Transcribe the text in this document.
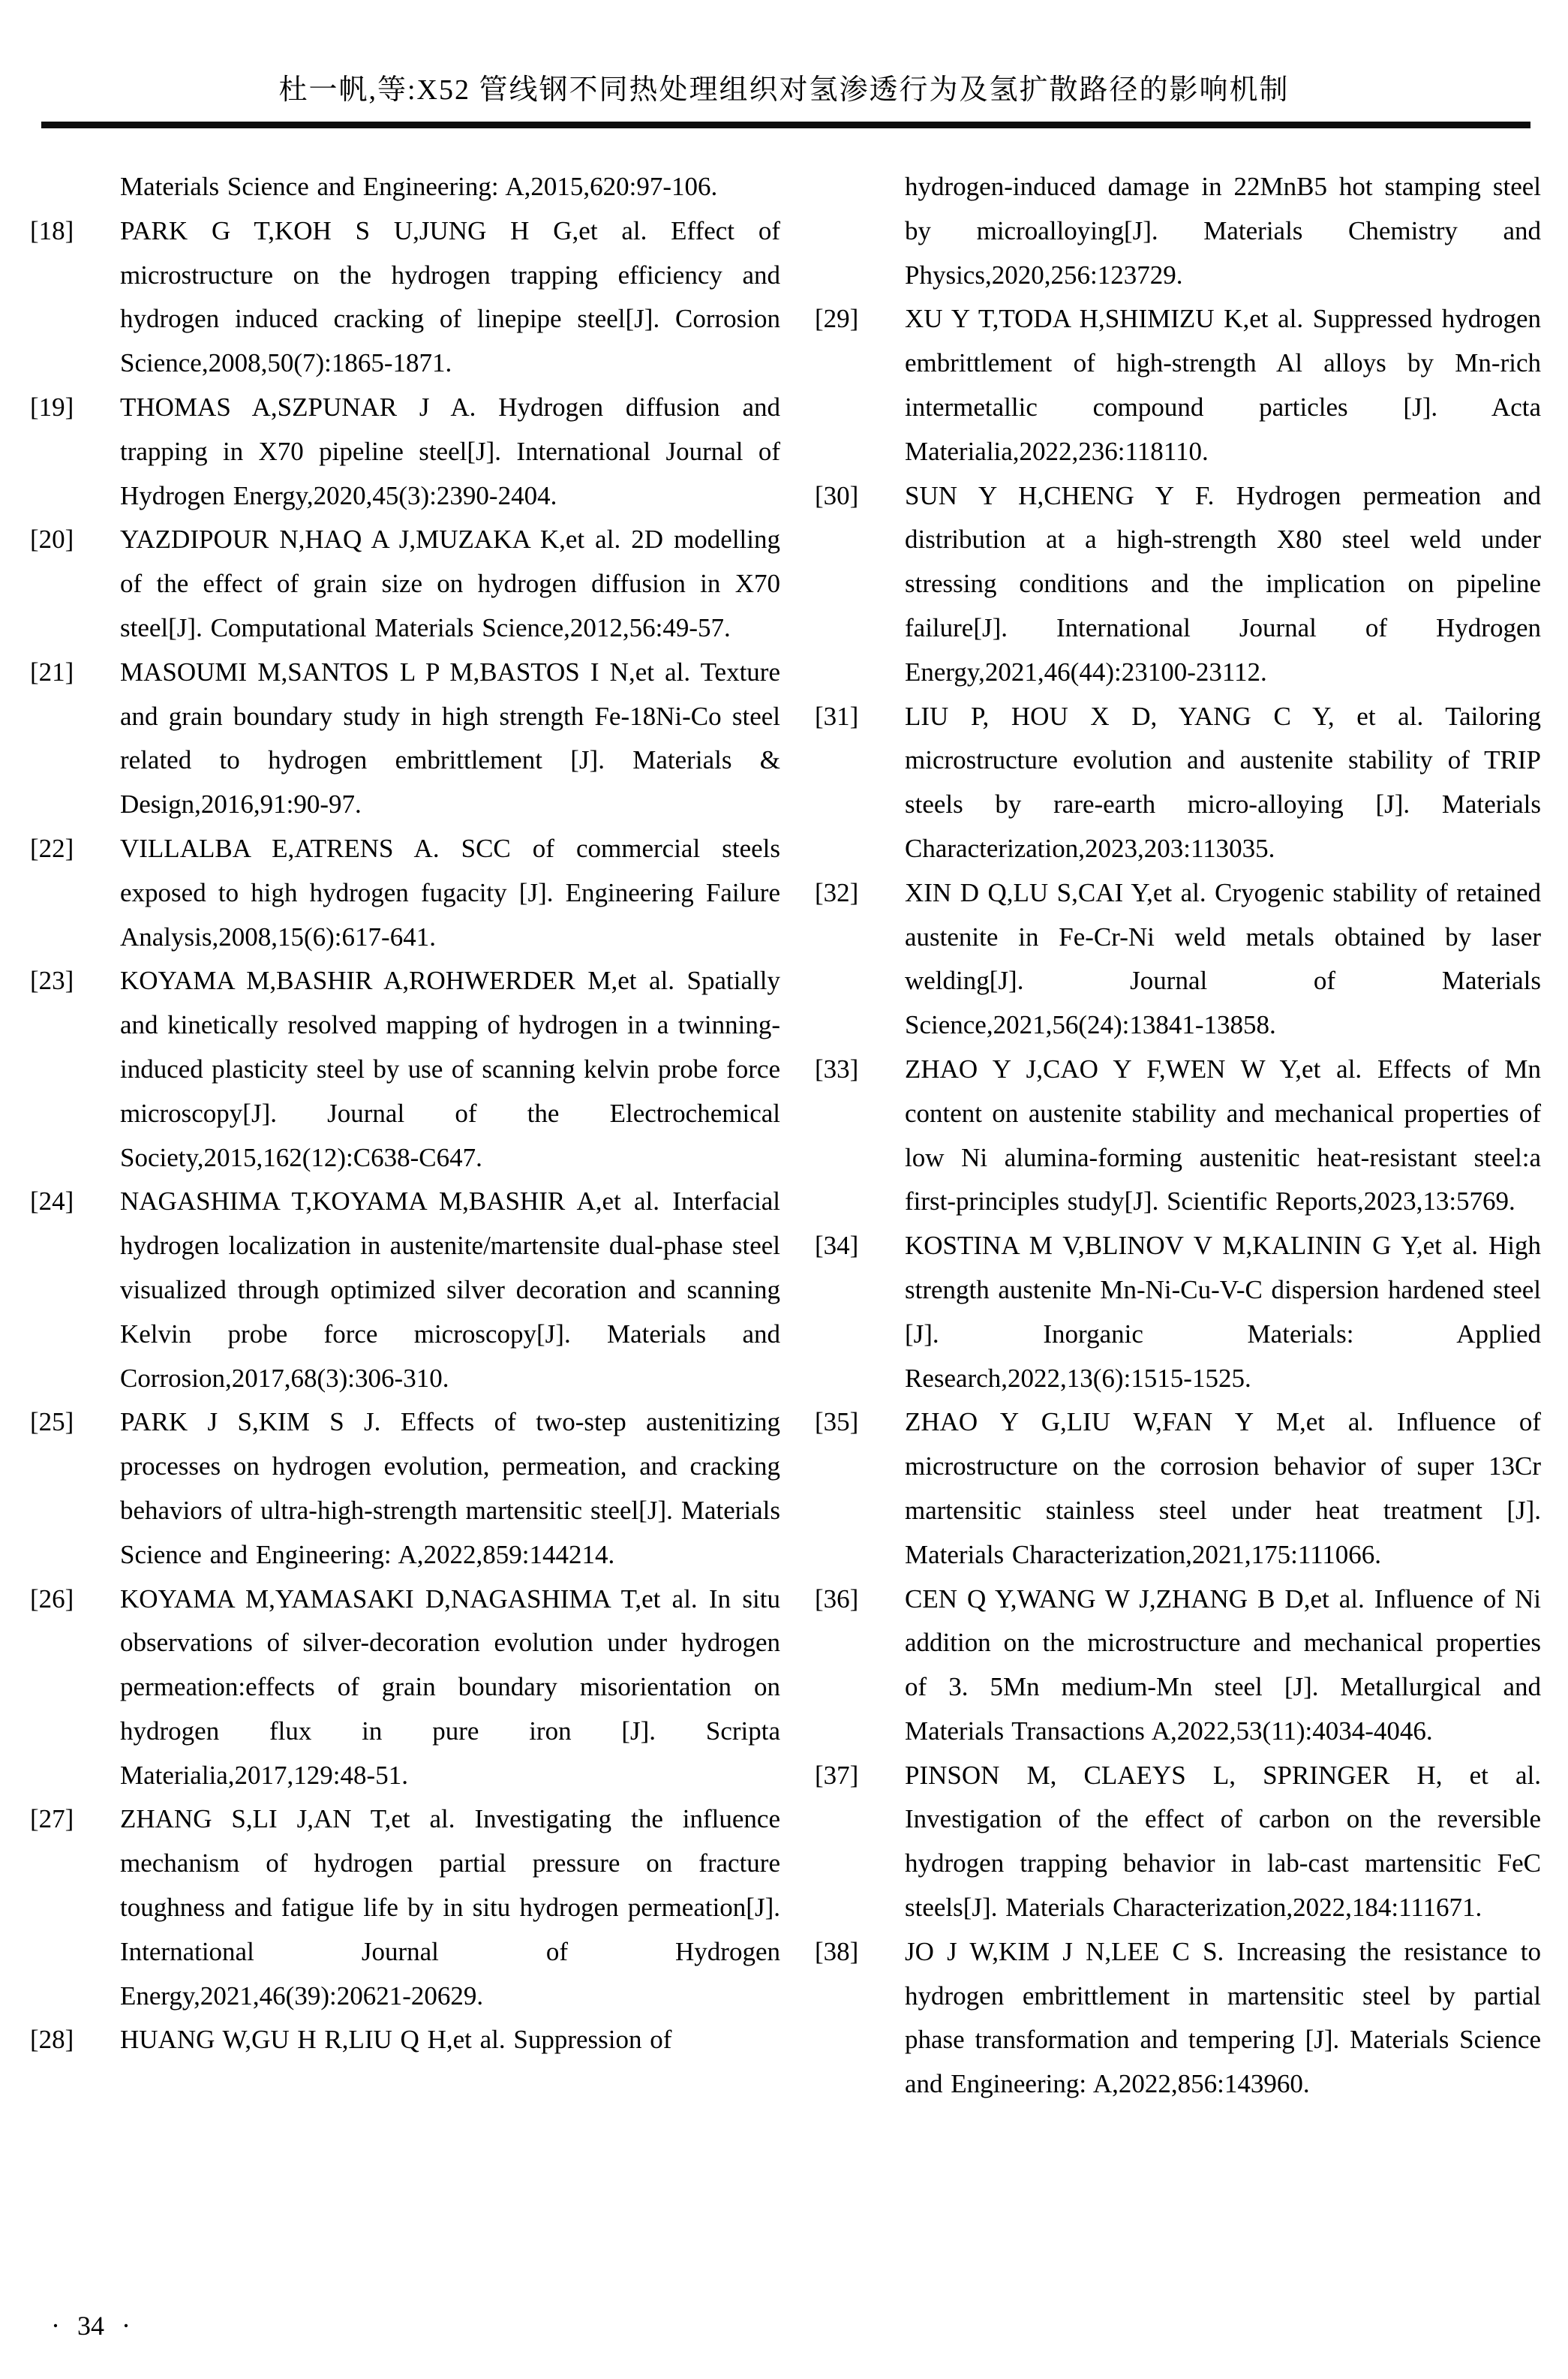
杜一帆,等:X52 管线钢不同热处理组织对氢渗透行为及氢扩散路径的影响机制
Materials Science and Engineering: A,2015,620:97-106.
[18]	PARK G T,KOH S U,JUNG H G,et al. Effect of microstructure on the hydrogen trapping efficiency and hydrogen induced cracking of linepipe steel[J]. Corrosion Science,2008,50(7):1865-1871.
[19]	THOMAS A,SZPUNAR J A. Hydrogen diffusion and trapping in X70 pipeline steel[J]. International Journal of Hydrogen Energy,2020,45(3):2390-2404.
[20]	YAZDIPOUR N,HAQ A J,MUZAKA K,et al. 2D modelling of the effect of grain size on hydrogen diffusion in X70 steel[J]. Computational Materials Science,2012,56:49-57.
[21]	MASOUMI M,SANTOS L P M,BASTOS I N,et al. Texture and grain boundary study in high strength Fe-18Ni-Co steel related to hydrogen embrittlement [J]. Materials & Design,2016,91:90-97.
[22]	VILLALBA E,ATRENS A. SCC of commercial steels exposed to high hydrogen fugacity [J]. Engineering Failure Analysis,2008,15(6):617-641.
[23]	KOYAMA M,BASHIR A,ROHWERDER M,et al. Spatially and kinetically resolved mapping of hydrogen in a twinning-induced plasticity steel by use of scanning kelvin probe force microscopy[J]. Journal of the Electrochemical Society,2015,162(12):C638-C647.
[24]	NAGASHIMA T,KOYAMA M,BASHIR A,et al. Interfacial hydrogen localization in austenite/martensite dual-phase steel visualized through optimized silver decoration and scanning Kelvin probe force microscopy[J]. Materials and Corrosion,2017,68(3):306-310.
[25]	PARK J S,KIM S J. Effects of two-step austenitizing processes on hydrogen evolution, permeation, and cracking behaviors of ultra-high-strength martensitic steel[J]. Materials Science and Engineering: A,2022,859:144214.
[26]	KOYAMA M,YAMASAKI D,NAGASHIMA T,et al. In situ observations of silver-decoration evolution under hydrogen permeation:effects of grain boundary misorientation on hydrogen flux in pure iron [J]. Scripta Materialia,2017,129:48-51.
[27]	ZHANG S,LI J,AN T,et al. Investigating the influence mechanism of hydrogen partial pressure on fracture toughness and fatigue life by in situ hydrogen permeation[J]. International Journal of Hydrogen Energy,2021,46(39):20621-20629.
[28]	HUANG W,GU H R,LIU Q H,et al. Suppression of
hydrogen-induced damage in 22MnB5 hot stamping steel by microalloying[J]. Materials Chemistry and Physics,2020,256:123729.
[29]	XU Y T,TODA H,SHIMIZU K,et al. Suppressed hydrogen embrittlement of high-strength Al alloys by Mn-rich intermetallic compound particles [J]. Acta Materialia,2022,236:118110.
[30]	SUN Y H,CHENG Y F. Hydrogen permeation and distribution at a high-strength X80 steel weld under stressing conditions and the implication on pipeline failure[J]. International Journal of Hydrogen Energy,2021,46(44):23100-23112.
[31]	LIU P, HOU X D, YANG C Y, et al. Tailoring microstructure evolution and austenite stability of TRIP steels by rare-earth micro-alloying [J]. Materials Characterization,2023,203:113035.
[32]	XIN D Q,LU S,CAI Y,et al. Cryogenic stability of retained austenite in Fe-Cr-Ni weld metals obtained by laser welding[J]. Journal of Materials Science,2021,56(24):13841-13858.
[33]	ZHAO Y J,CAO Y F,WEN W Y,et al. Effects of Mn content on austenite stability and mechanical properties of low Ni alumina-forming austenitic heat-resistant steel:a first-principles study[J]. Scientific Reports,2023,13:5769.
[34]	KOSTINA M V,BLINOV V M,KALININ G Y,et al. High strength austenite Mn-Ni-Cu-V-C dispersion hardened steel [J]. Inorganic Materials: Applied Research,2022,13(6):1515-1525.
[35]	ZHAO Y G,LIU W,FAN Y M,et al. Influence of microstructure on the corrosion behavior of super 13Cr martensitic stainless steel under heat treatment [J]. Materials Characterization,2021,175:111066.
[36]	CEN Q Y,WANG W J,ZHANG B D,et al. Influence of Ni addition on the microstructure and mechanical properties of 3. 5Mn medium-Mn steel [J]. Metallurgical and Materials Transactions A,2022,53(11):4034-4046.
[37]	PINSON M, CLAEYS L, SPRINGER H, et al. Investigation of the effect of carbon on the reversible hydrogen trapping behavior in lab-cast martensitic FeC steels[J]. Materials Characterization,2022,184:111671.
[38]	JO J W,KIM J N,LEE C S. Increasing the resistance to hydrogen embrittlement in martensitic steel by partial phase transformation and tempering [J]. Materials Science and Engineering: A,2022,856:143960.
· 34 ·
